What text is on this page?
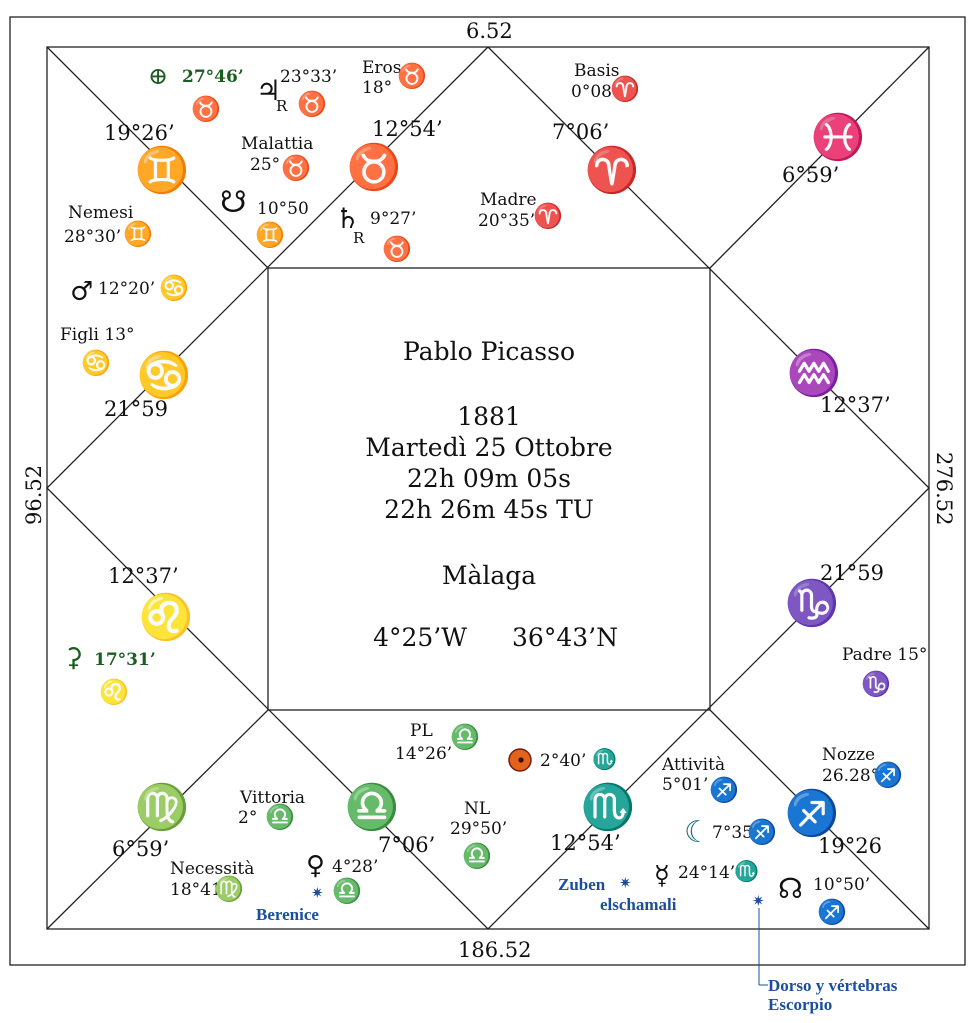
6.52
186.52
96.52	276.52
19°26’	12°54’	7°06’
6°59’
21°59	12°37’
12°37’	21°59
6°59’	7°06’	12°54’	19°26
♊	♉	♈
♓
♋	♒
♌	♑
♍	♎	♏	♐
Pablo Picasso
1881
Martedì 25 Ottobre
22h 09m 05s
22h 26m 45s TU
Màlaga
4°25’W 36°43’N
⊕ 27°46’
♉
♃
R
23°33’
♉
Eros
18° ♉	Basis
0°08’
♈
Malattia
25° ♉
☋ 10°50
♊ ♄
R
9°27’
♉
Madre
20°35’
♈
Nemesi
28°30’ ♊
♂ 12°20’ ♋
Figli 13°
♋
⚳ 17°31’
♌
Padre 15°
♑
PL
14°26’
♎
2°40’ ♏	Attività
5°01’ ♐
Nozze
26.28°
♐
Vittoria
2° ♎	NL
29°50’
♎
☾ 7°35
♐
Necessità
18°41
♍
♀ 4°28’
✷ ♎
Berenice
☿ 24°14’
♏
Zuben ✷
elschamali	✷ ☊ 10°50’
♐
Dorso y vértebras
Escorpio
